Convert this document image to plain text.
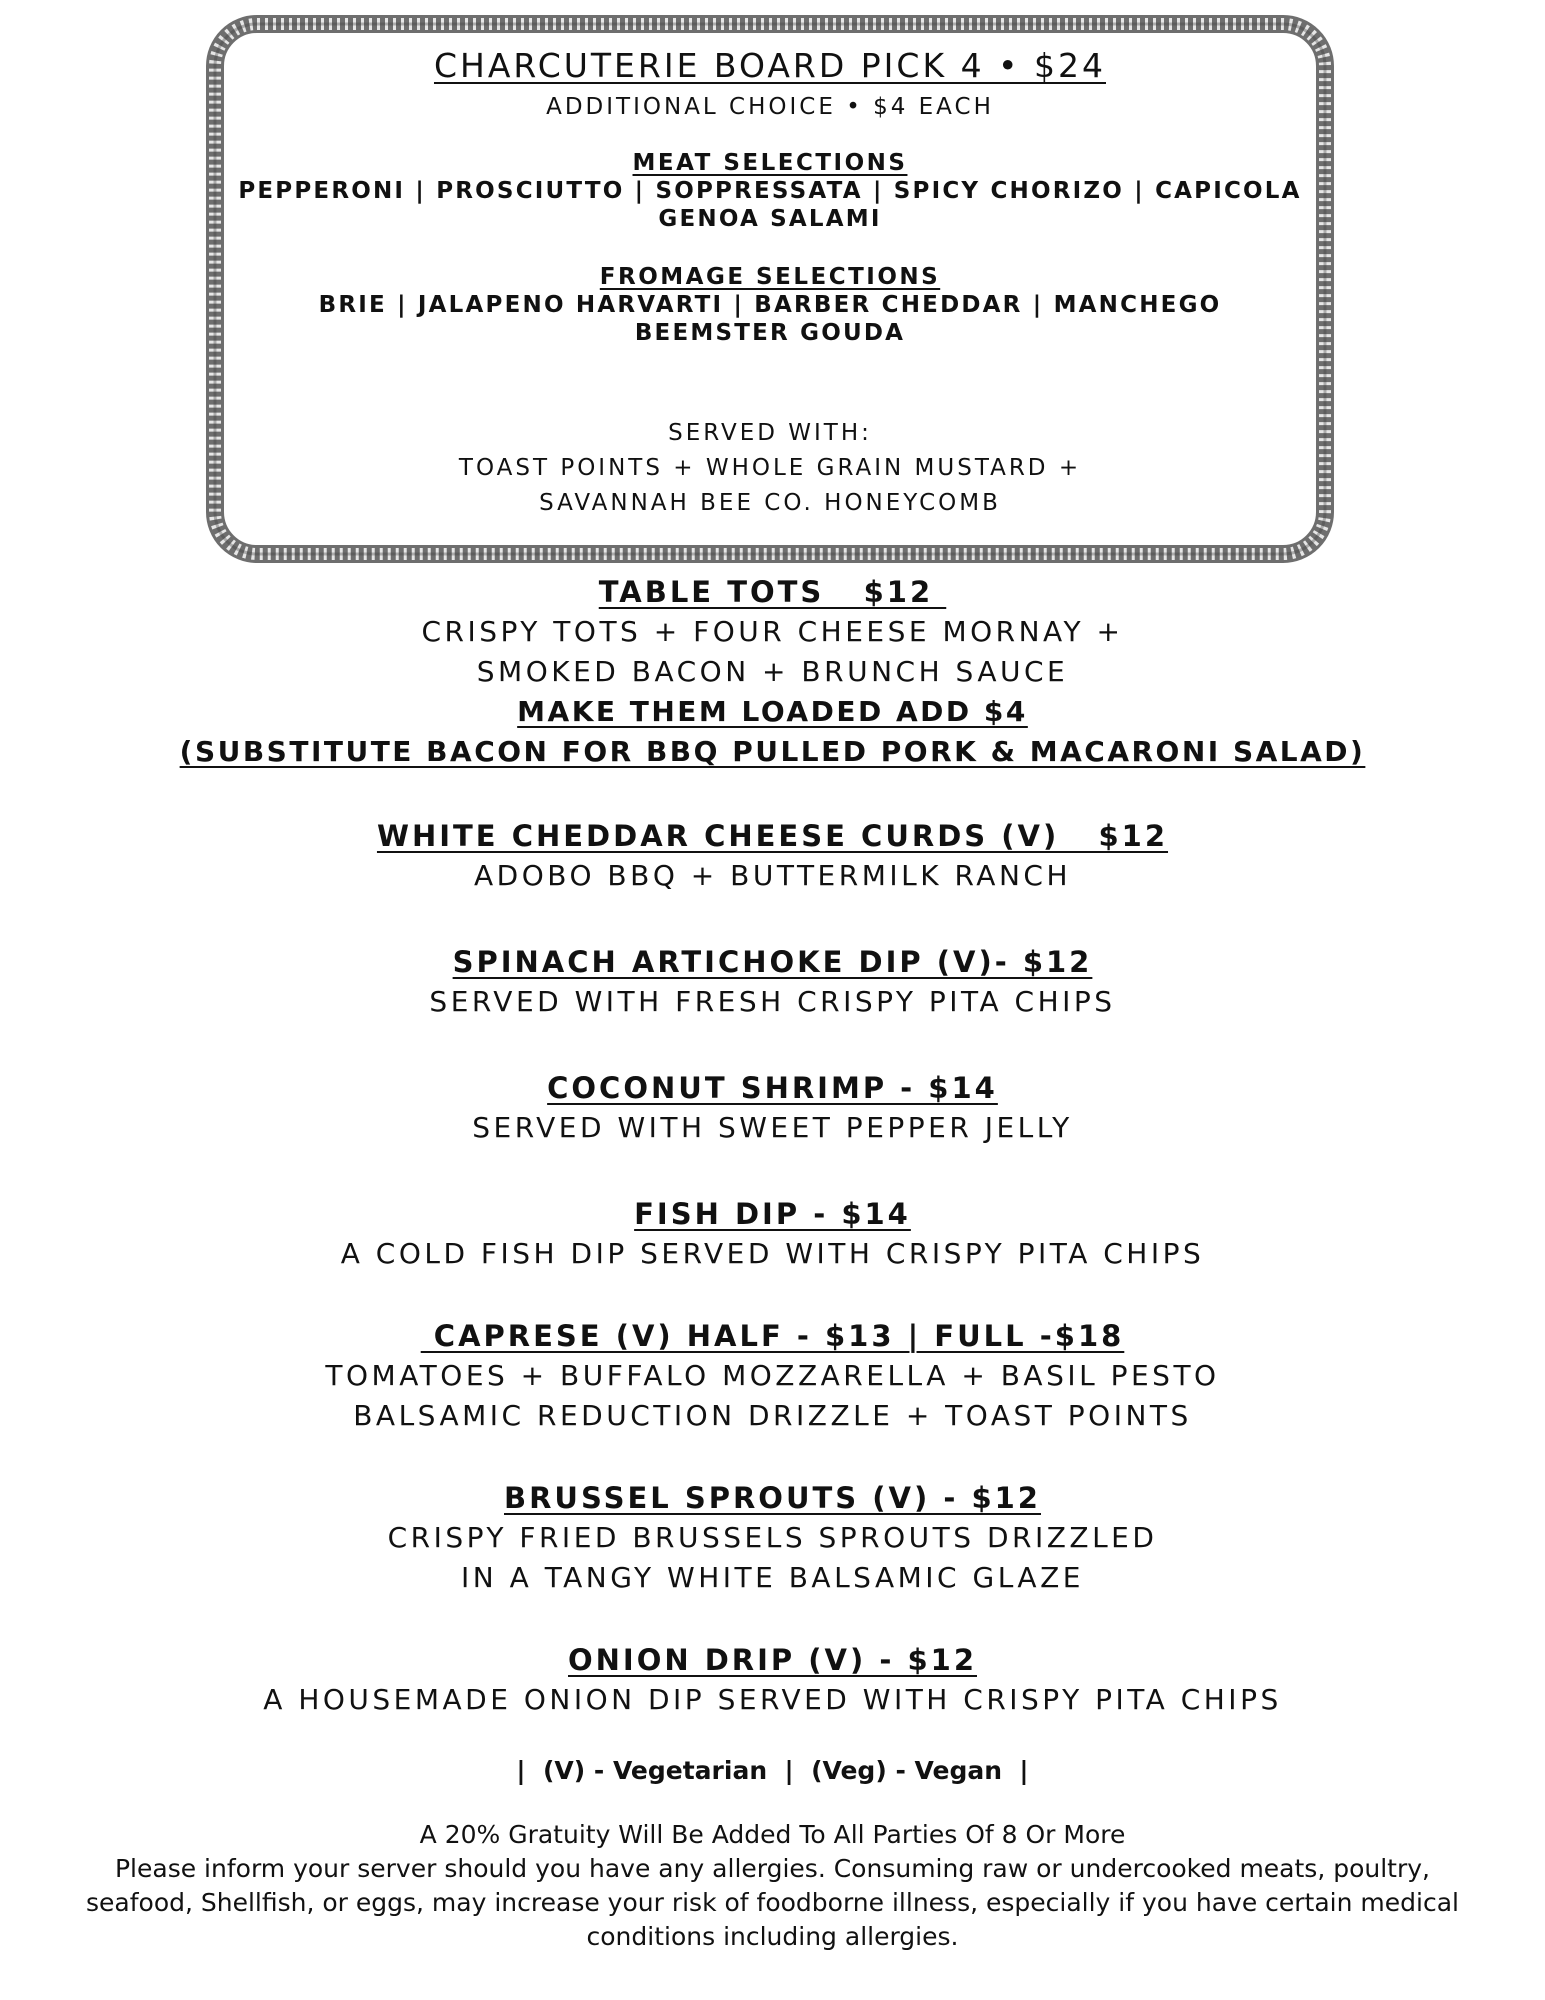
CHARCUTERIE BOARD PICK 4 • $24
ADDITIONAL CHOICE • $4 EACH
MEAT SELECTIONS
PEPPERONI | PROSCIUTTO | SOPPRESSATA | SPICY CHORIZO | CAPICOLA
GENOA SALAMI
FROMAGE SELECTIONS
BRIE | JALAPENO HARVARTI | BARBER CHEDDAR | MANCHEGO
BEEMSTER GOUDA
SERVED WITH:
TOAST POINTS + WHOLE GRAIN MUSTARD +
SAVANNAH BEE CO. HONEYCOMB
TABLE TOTS   $12
CRISPY TOTS + FOUR CHEESE MORNAY +
SMOKED BACON + BRUNCH SAUCE
MAKE THEM LOADED ADD $4
(SUBSTITUTE BACON FOR BBQ PULLED PORK & MACARONI SALAD)
WHITE CHEDDAR CHEESE CURDS (V)   $12
ADOBO BBQ + BUTTERMILK RANCH
SPINACH ARTICHOKE DIP (V)- $12
SERVED WITH FRESH CRISPY PITA CHIPS
COCONUT SHRIMP - $14
SERVED WITH SWEET PEPPER JELLY
FISH DIP - $14
A COLD FISH DIP SERVED WITH CRISPY PITA CHIPS
CAPRESE (V) HALF - $13 | FULL -$18
TOMATOES + BUFFALO MOZZARELLA + BASIL PESTO
BALSAMIC REDUCTION DRIZZLE + TOAST POINTS
BRUSSEL SPROUTS (V) - $12
CRISPY FRIED BRUSSELS SPROUTS DRIZZLED
IN A TANGY WHITE BALSAMIC GLAZE
ONION DRIP (V) - $12
A HOUSEMADE ONION DIP SERVED WITH CRISPY PITA CHIPS
|  (V) - Vegetarian  |  (Veg) - Vegan  |
A 20% Gratuity Will Be Added To All Parties Of 8 Or More
Please inform your server should you have any allergies. Consuming raw or undercooked meats, poultry, seafood, Shellfish, or eggs, may increase your risk of foodborne illness, especially if you have certain medical conditions including allergies.
